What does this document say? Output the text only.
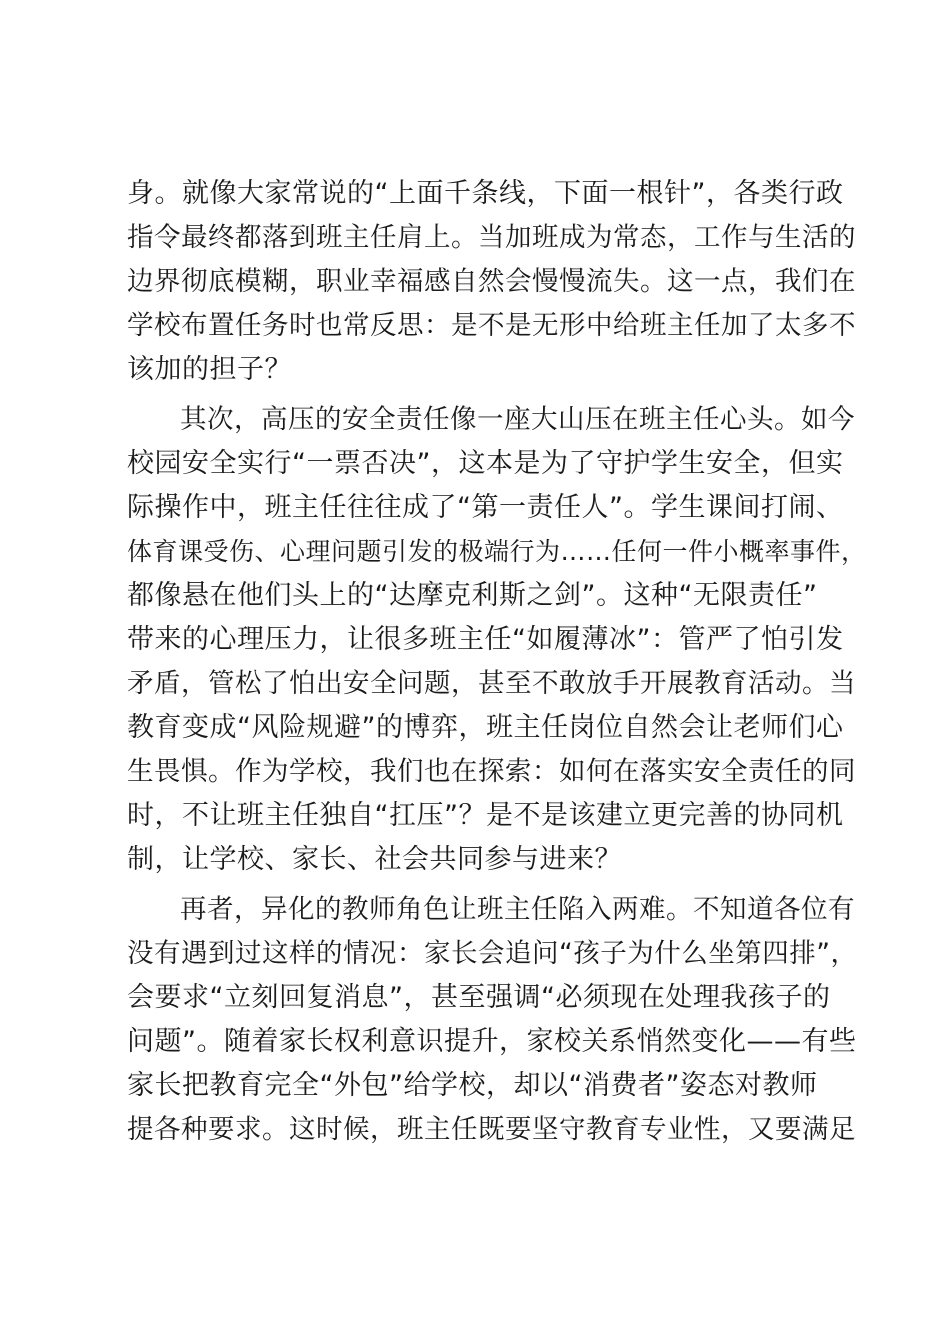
身。就像大家常说的“上面千条线，下面一根针”，各类行政
指令最终都落到班主任肩上。当加班成为常态，工作与生活的
边界彻底模糊，职业幸福感自然会慢慢流失。这一点，我们在
学校布置任务时也常反思：是不是无形中给班主任加了太多不
该加的担子？
其次，高压的安全责任像一座大山压在班主任心头。如今
校园安全实行“一票否决”，这本是为了守护学生安全，但实
际操作中，班主任往往成了“第一责任人”。学生课间打闹、
体育课受伤、心理问题引发的极端行为……任何一件小概率事件，
都像悬在他们头上的“达摩克利斯之剑”。这种“无限责任”
带来的心理压力，让很多班主任“如履薄冰”：管严了怕引发
矛盾，管松了怕出安全问题，甚至不敢放手开展教育活动。当
教育变成“风险规避”的博弈，班主任岗位自然会让老师们心
生畏惧。作为学校，我们也在探索：如何在落实安全责任的同
时，不让班主任独自“扛压”？是不是该建立更完善的协同机
制，让学校、家长、社会共同参与进来？
再者，异化的教师角色让班主任陷入两难。不知道各位有
没有遇到过这样的情况：家长会追问“孩子为什么坐第四排”，
会要求“立刻回复消息”，甚至强调“必须现在处理我孩子的
问题”。随着家长权利意识提升，家校关系悄然变化——有些
家长把教育完全“外包”给学校，却以“消费者”姿态对教师
提各种要求。这时候，班主任既要坚守教育专业性，又要满足
